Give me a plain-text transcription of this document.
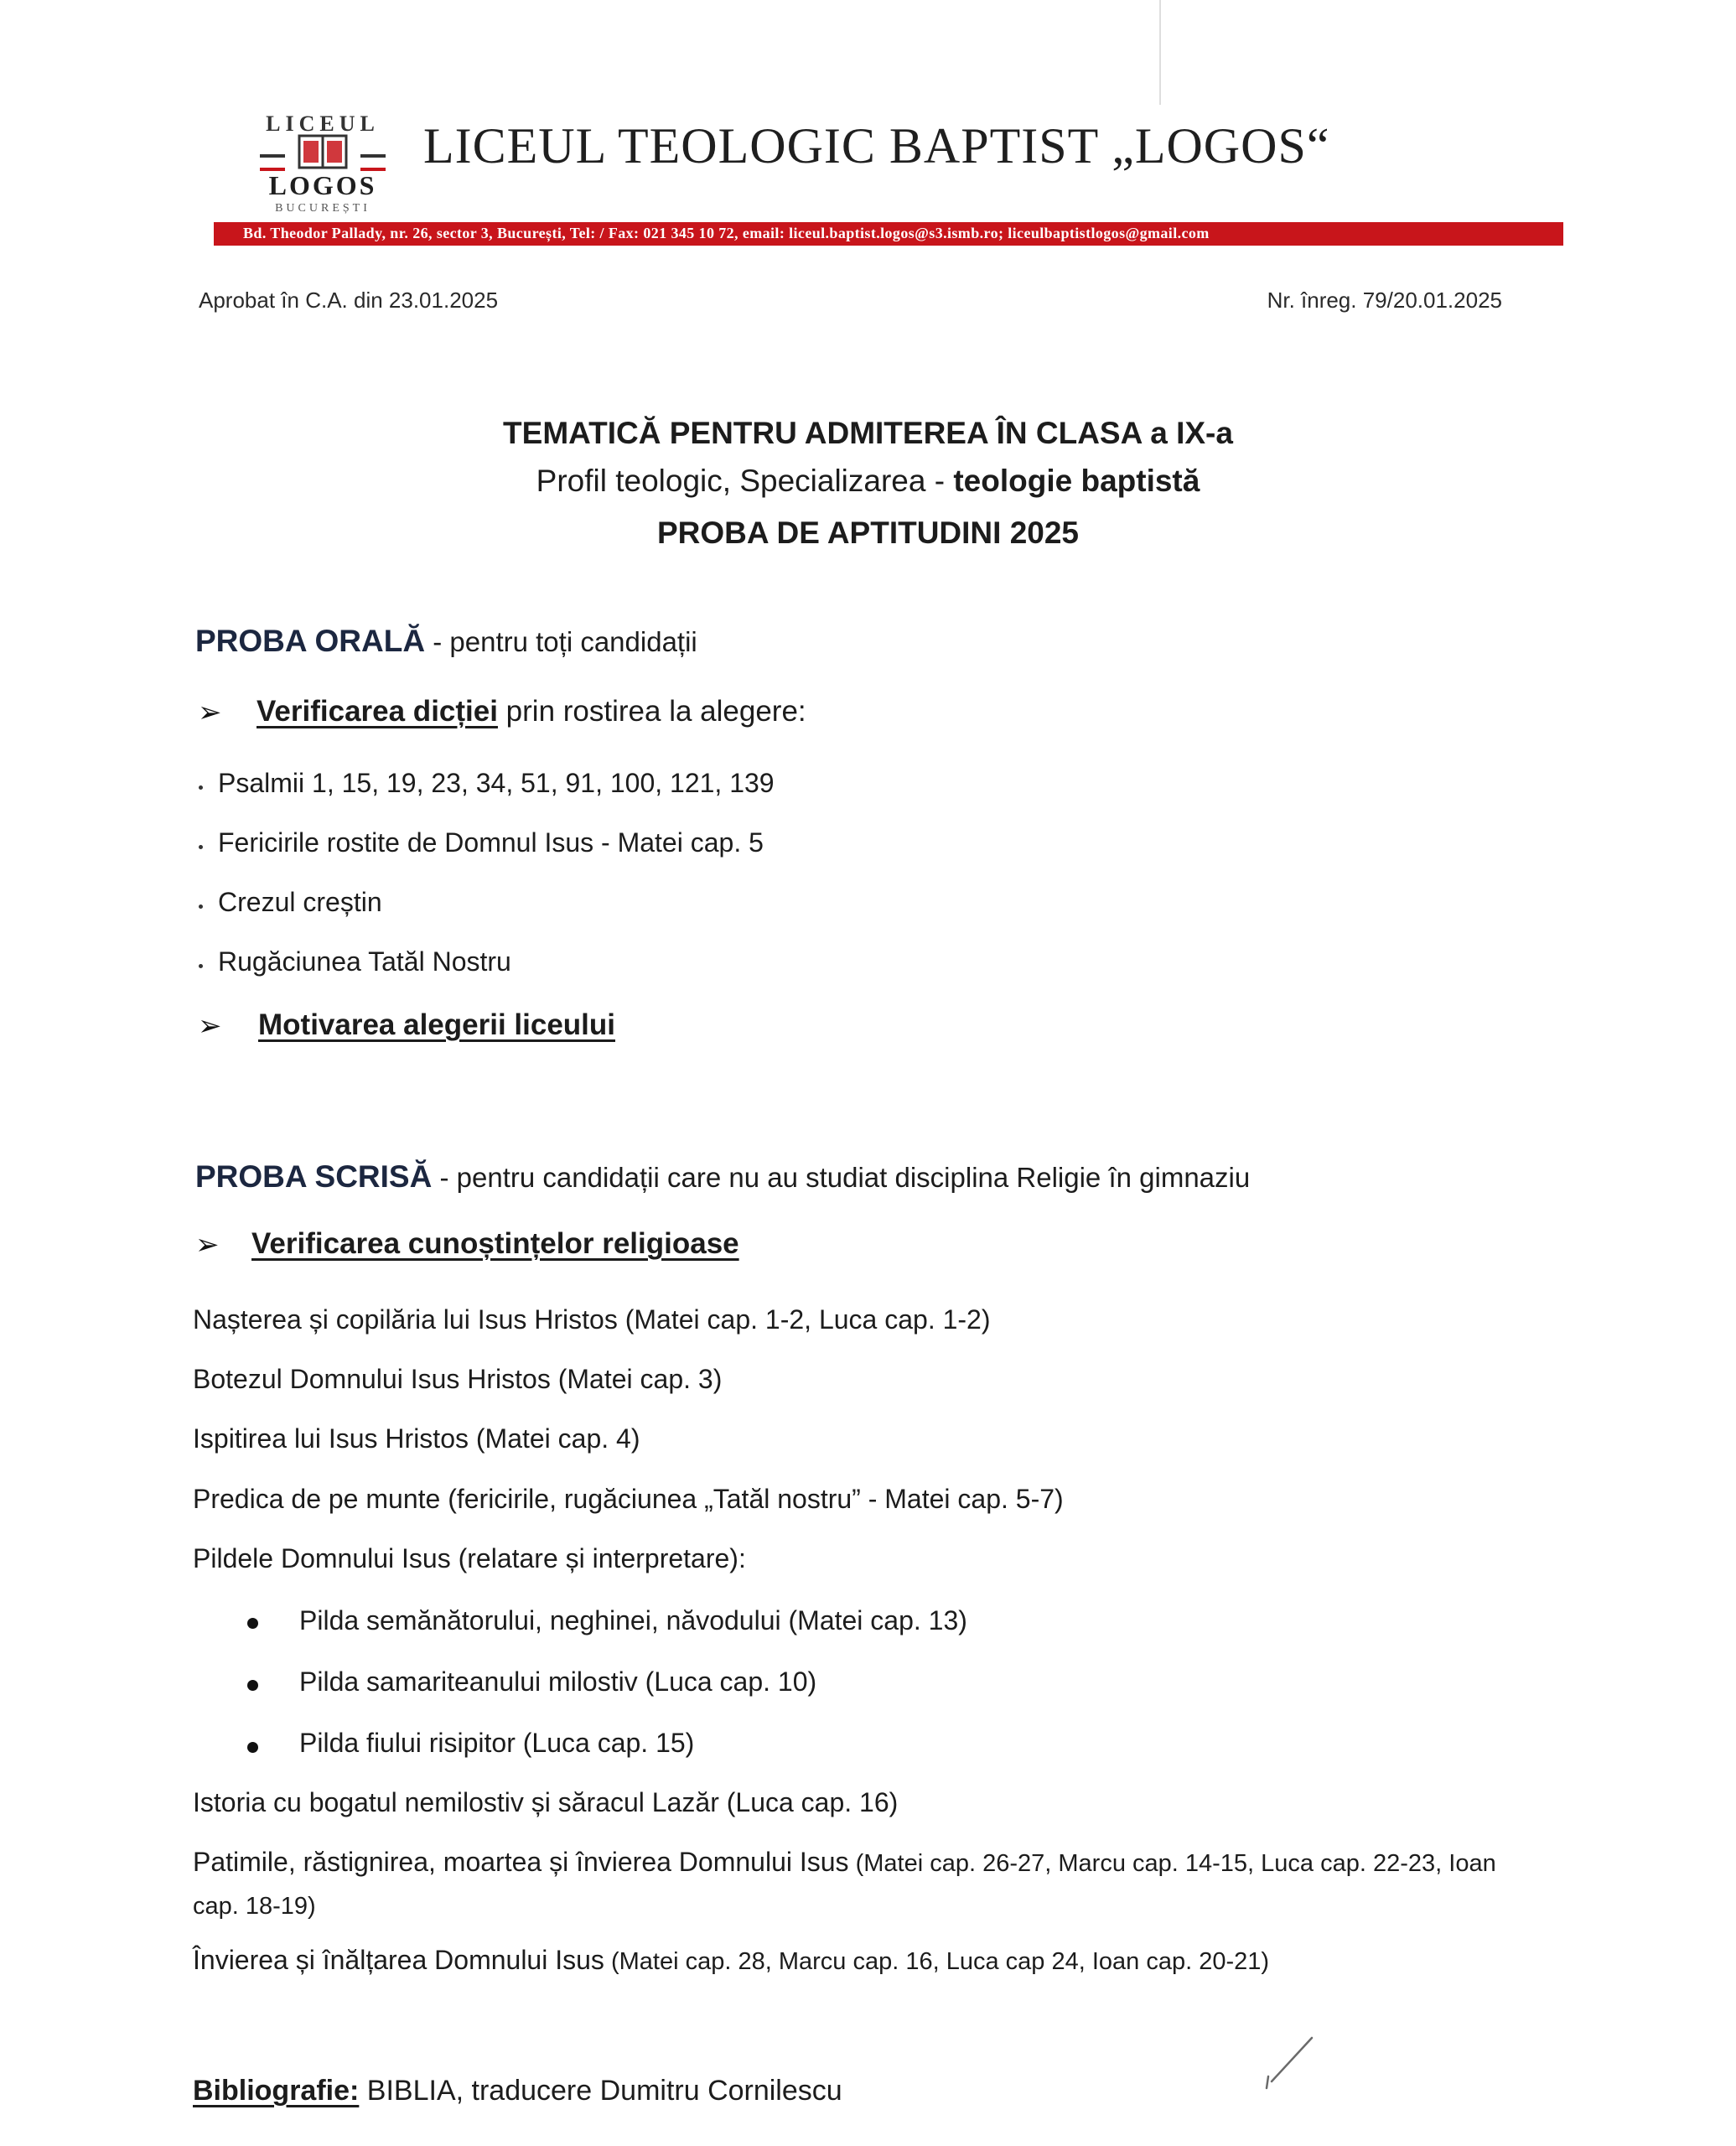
LICEUL
LOGOS
BUCUREȘTI
LICEUL TEOLOGIC BAPTIST „LOGOS“
Bd. Theodor Pallady, nr. 26, sector 3, București, Tel: / Fax: 021 345 10 72, email: liceul.baptist.logos@s3.ismb.ro; liceulbaptistlogos@gmail.com
Aprobat în C.A. din 23.01.2025	Nr. înreg. 79/20.01.2025
TEMATICĂ PENTRU ADMITEREA ÎN CLASA a IX-a
Profil teologic, Specializarea - teologie baptistă
PROBA DE APTITUDINI 2025
PROBA ORALĂ - pentru toți candidații
➢ Verificarea dicției prin rostirea la alegere:
Psalmii 1, 15, 19, 23, 34, 51, 91, 100, 121, 139
Fericirile rostite de Domnul Isus - Matei cap. 5
Crezul creștin
Rugăciunea Tatăl Nostru
➢ Motivarea alegerii liceului
PROBA SCRISĂ - pentru candidații care nu au studiat disciplina Religie în gimnaziu
➢	Verificarea cunoștințelor religioase
Nașterea și copilăria lui Isus Hristos (Matei cap. 1-2, Luca cap. 1-2)
Botezul Domnului Isus Hristos (Matei cap. 3)
Ispitirea lui Isus Hristos (Matei cap. 4)
Predica de pe munte (fericirile, rugăciunea „Tatăl nostru” - Matei cap. 5-7)
Pildele Domnului Isus (relatare și interpretare):
Pilda semănătorului, neghinei, năvodului (Matei cap. 13)
Pilda samariteanului milostiv (Luca cap. 10)
Pilda fiului risipitor (Luca cap. 15)
Istoria cu bogatul nemilostiv și săracul Lazăr (Luca cap. 16)
Patimile, răstignirea, moartea și învierea Domnului Isus (Matei cap. 26-27, Marcu cap. 14-15, Luca cap. 22-23, Ioan
cap. 18-19)
Învierea și înălțarea Domnului Isus (Matei cap. 28, Marcu cap. 16, Luca cap 24, Ioan cap. 20-21)
Bibliografie: BIBLIA, traducere Dumitru Cornilescu
